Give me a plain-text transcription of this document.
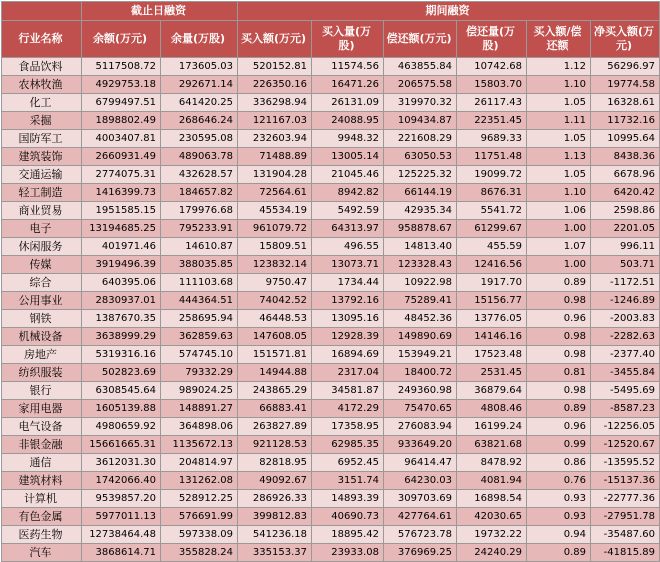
	截止日融资		期间融资					
行业名称	余额(万元)	余量(万股)	买入额(万元)	买入量(万股)	偿还额(万元)	偿还量(万股)	买入额/偿还额	净买入额(万元)
食品饮料	5117508.72	173605.03	520152.81	11574.56	463855.84	10742.68	1.12	56296.97
农林牧渔	4929753.18	292671.14	226350.16	16471.26	206575.58	15803.70	1.10	19774.58
化工	6799497.51	641420.25	336298.94	26131.09	319970.32	26117.43	1.05	16328.61
采掘	1898802.49	268646.24	121167.03	24088.95	109434.87	22351.45	1.11	11732.16
国防军工	4003407.81	230595.08	232603.94	9948.32	221608.29	9689.33	1.05	10995.64
建筑装饰	2660931.49	489063.78	71488.89	13005.14	63050.53	11751.48	1.13	8438.36
交通运输	2774075.31	432628.57	131904.28	21045.46	125225.32	19099.72	1.05	6678.96
轻工制造	1416399.73	184657.82	72564.61	8942.82	66144.19	8676.31	1.10	6420.42
商业贸易	1951585.15	179976.68	45534.19	5492.59	42935.34	5541.72	1.06	2598.86
电子	13194685.25	795233.91	961079.72	64313.97	958878.67	61299.67	1.00	2201.05
休闲服务	401971.46	14610.87	15809.51	496.55	14813.40	455.59	1.07	996.11
传媒	3919496.39	388035.85	123832.14	13073.71	123328.43	12416.56	1.00	503.71
综合	640395.06	111103.68	9750.47	1734.44	10922.98	1917.70	0.89	-1172.51
公用事业	2830937.01	444364.51	74042.52	13792.16	75289.41	15156.77	0.98	-1246.89
钢铁	1387670.35	258695.94	46448.53	13095.16	48452.36	13776.05	0.96	-2003.83
机械设备	3638999.29	362859.63	147608.05	12928.39	149890.69	14146.16	0.98	-2282.63
房地产	5319316.16	574745.10	151571.81	16894.69	153949.21	17523.48	0.98	-2377.40
纺织服装	502823.69	79332.29	14944.88	2317.04	18400.72	2531.45	0.81	-3455.84
银行	6308545.64	989024.25	243865.29	34581.87	249360.98	36879.64	0.98	-5495.69
家用电器	1605139.88	148891.27	66883.41	4172.29	75470.65	4808.46	0.89	-8587.23
电气设备	4980659.92	364898.06	263827.89	17358.95	276083.94	16199.24	0.96	-12256.05
非银金融	15661665.31	1135672.13	921128.53	62985.35	933649.20	63821.68	0.99	-12520.67
通信	3612031.30	204814.97	82818.95	6952.45	96414.47	8478.92	0.86	-13595.52
建筑材料	1742066.40	131262.08	49092.67	3151.74	64230.03	4081.94	0.76	-15137.36
计算机	9539857.20	528912.25	286926.33	14893.39	309703.69	16898.54	0.93	-22777.36
有色金属	5977011.13	576691.99	399812.83	40690.73	427764.61	42030.65	0.93	-27951.78
医药生物	12738464.48	597338.09	541236.18	18895.42	576723.78	19732.22	0.94	-35487.60
汽车	3868614.71	355828.24	335153.37	23933.08	376969.25	24240.29	0.89	-41815.89
